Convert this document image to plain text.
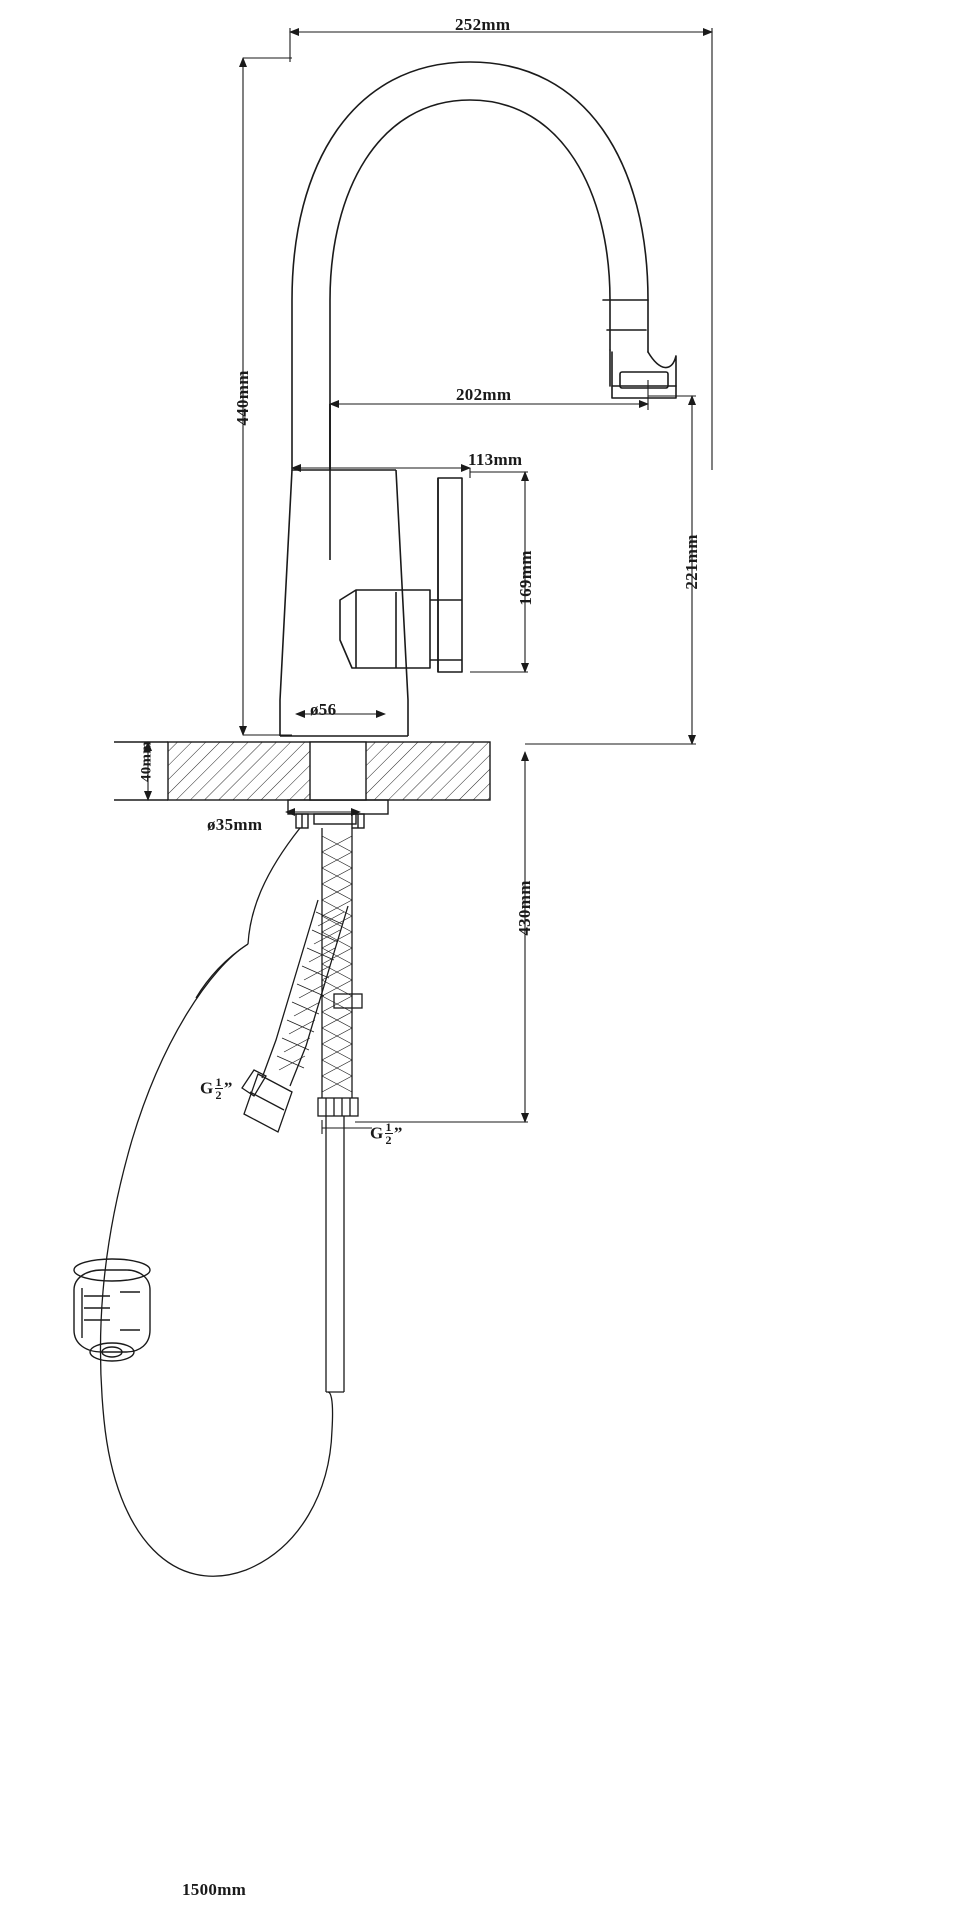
252mm
440mm	202mm
113mm
169mm	221mm
ø56
40mm
ø35mm
430mm
G $\frac{1}{2}$ ”
G $\frac{1}{2}$ ”
1500mm
